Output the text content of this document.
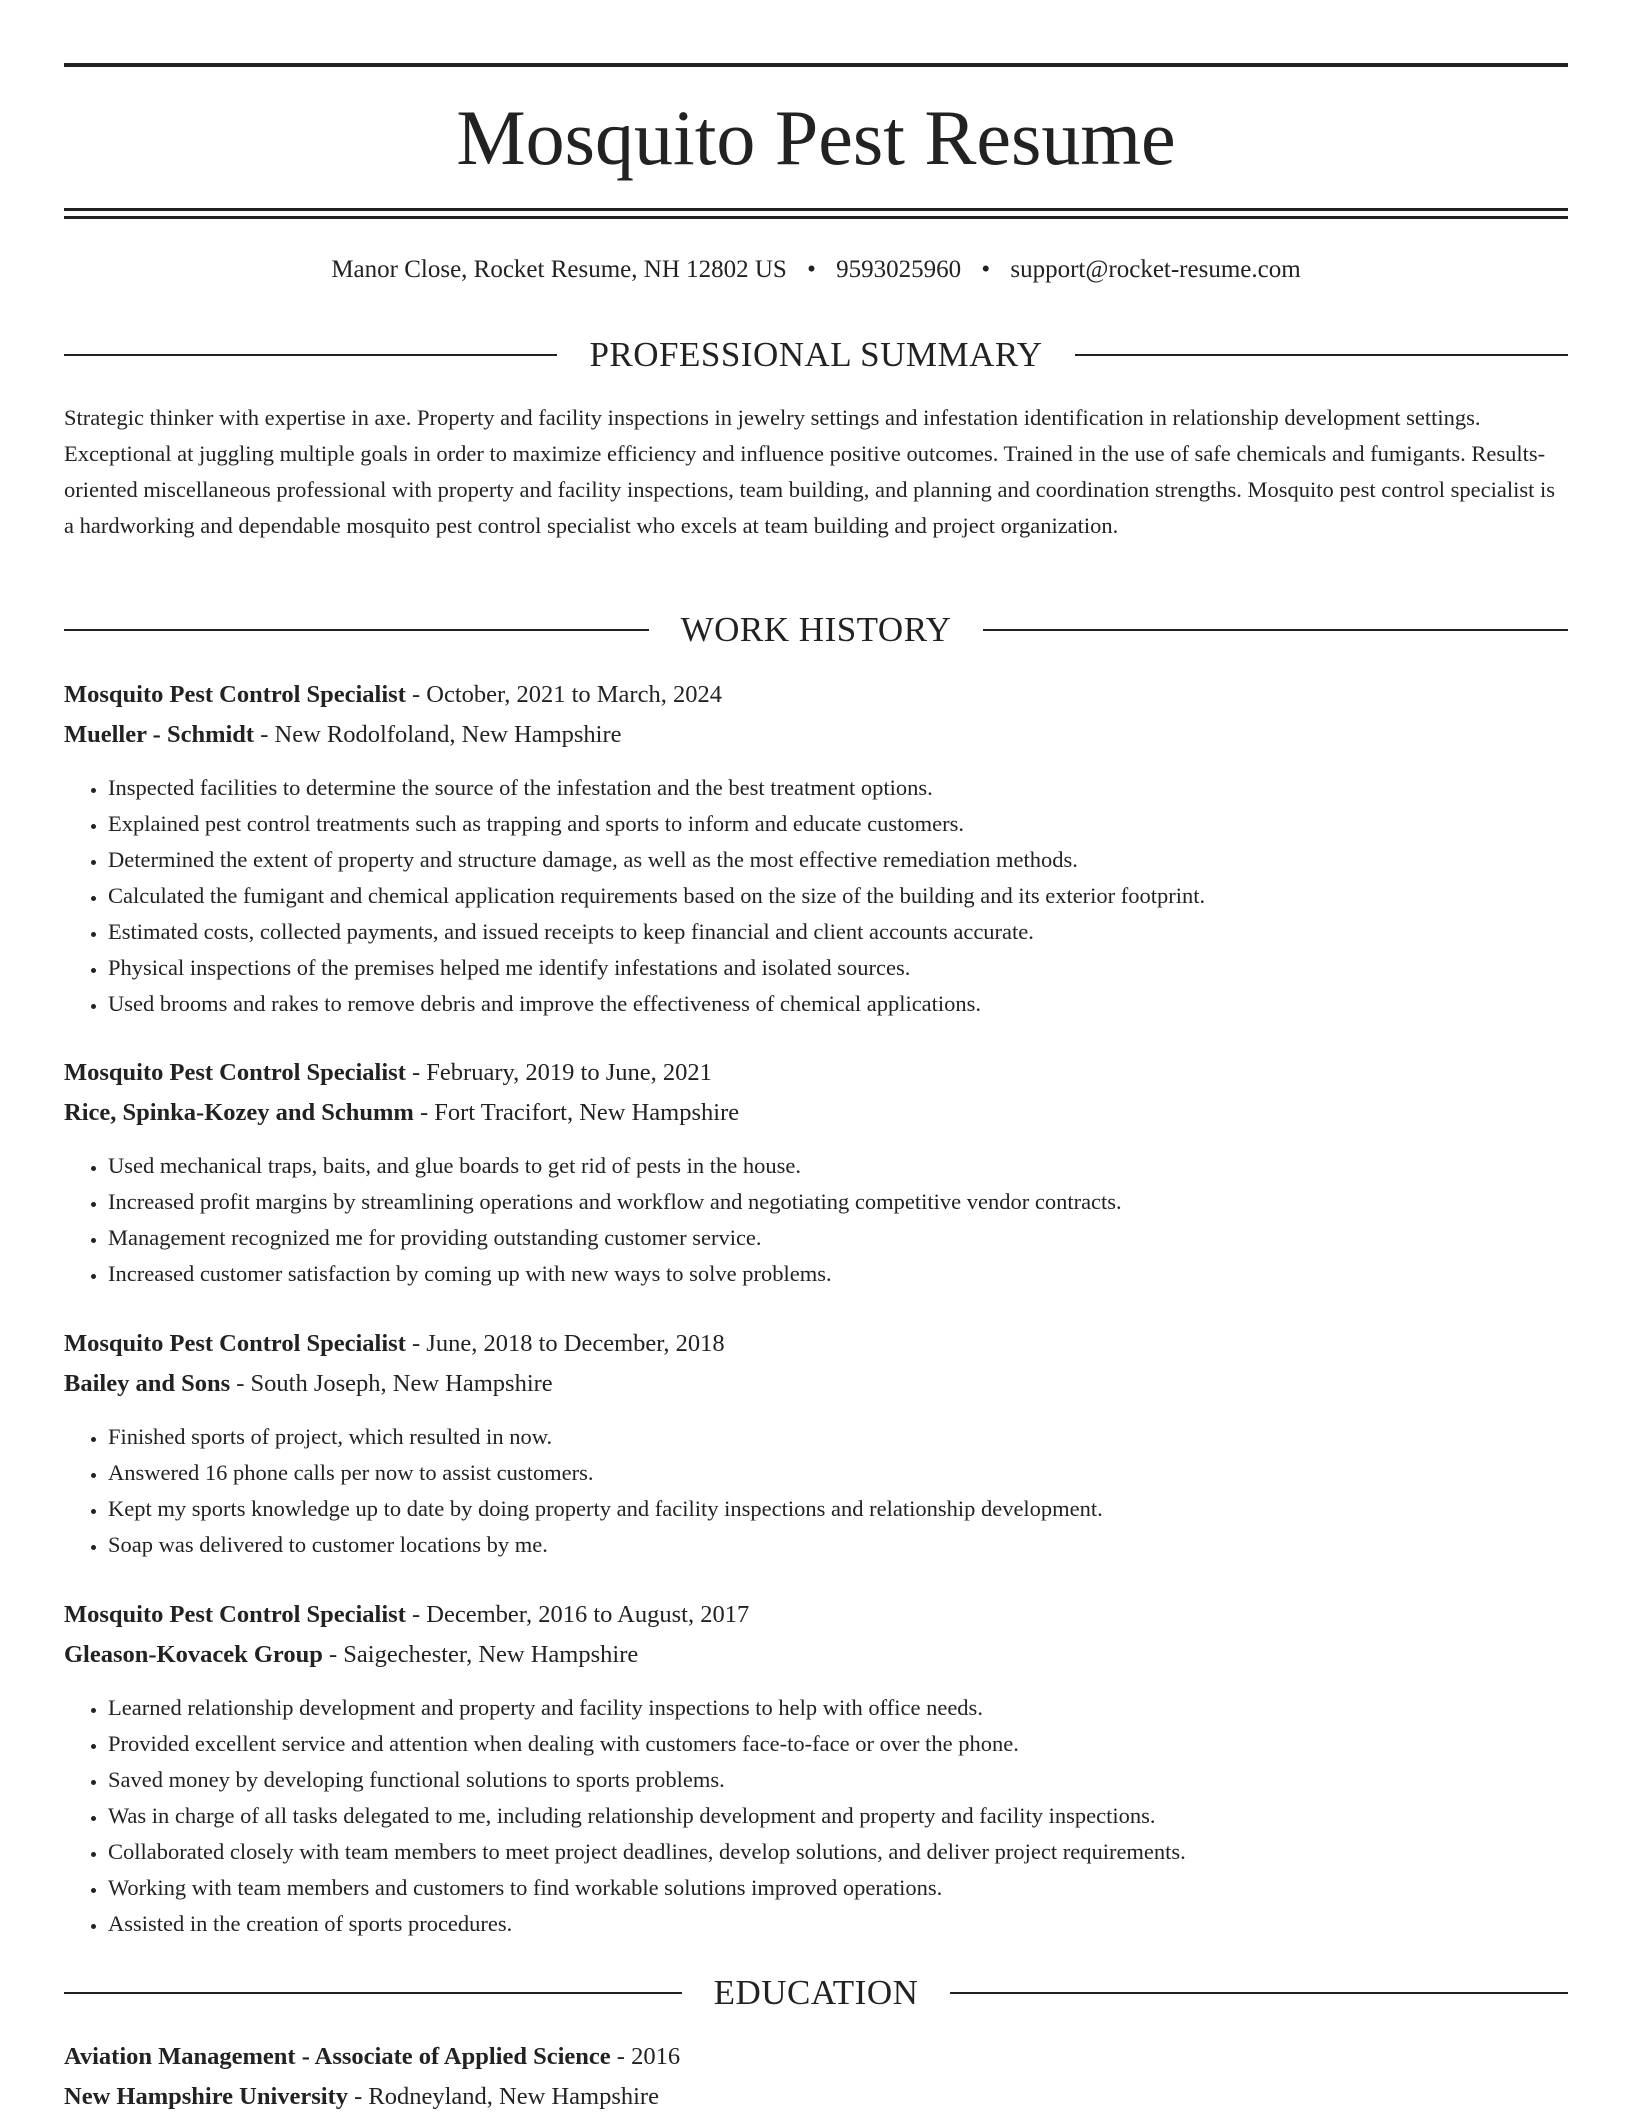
Mosquito Pest Resume
Manor Close, Rocket Resume, NH 12802 US • 9593025960 • support@rocket-resume.com
PROFESSIONAL SUMMARY

Strategic thinker with expertise in axe. Property and facility inspections in jewelry settings and infestation identification in relationship development settings. Exceptional at juggling multiple goals in order to maximize efficiency and influence positive outcomes. Trained in the use of safe chemicals and fumigants. Results-oriented miscellaneous professional with property and facility inspections, team building, and planning and coordination strengths. Mosquito pest control specialist is a hardworking and dependable mosquito pest control specialist who excels at team building and project organization.

WORK HISTORY
Mosquito Pest Control Specialist - October, 2021 to March, 2024
Mueller - Schmidt - New Rodolfoland, New Hampshire
• Inspected facilities to determine the source of the infestation and the best treatment options.
• Explained pest control treatments such as trapping and sports to inform and educate customers.
• Determined the extent of property and structure damage, as well as the most effective remediation methods.
• Calculated the fumigant and chemical application requirements based on the size of the building and its exterior footprint.
• Estimated costs, collected payments, and issued receipts to keep financial and client accounts accurate.
• Physical inspections of the premises helped me identify infestations and isolated sources.
• Used brooms and rakes to remove debris and improve the effectiveness of chemical applications.
Mosquito Pest Control Specialist - February, 2019 to June, 2021
Rice, Spinka-Kozey and Schumm - Fort Tracifort, New Hampshire
• Used mechanical traps, baits, and glue boards to get rid of pests in the house.
• Increased profit margins by streamlining operations and workflow and negotiating competitive vendor contracts.
• Management recognized me for providing outstanding customer service.
• Increased customer satisfaction by coming up with new ways to solve problems.
Mosquito Pest Control Specialist - June, 2018 to December, 2018
Bailey and Sons - South Joseph, New Hampshire
• Finished sports of project, which resulted in now.
• Answered 16 phone calls per now to assist customers.
• Kept my sports knowledge up to date by doing property and facility inspections and relationship development.
• Soap was delivered to customer locations by me.
Mosquito Pest Control Specialist - December, 2016 to August, 2017
Gleason-Kovacek Group - Saigechester, New Hampshire
• Learned relationship development and property and facility inspections to help with office needs.
• Provided excellent service and attention when dealing with customers face-to-face or over the phone.
• Saved money by developing functional solutions to sports problems.
• Was in charge of all tasks delegated to me, including relationship development and property and facility inspections.
• Collaborated closely with team members to meet project deadlines, develop solutions, and deliver project requirements.
• Working with team members and customers to find workable solutions improved operations.
• Assisted in the creation of sports procedures.
EDUCATION
Aviation Management - Associate of Applied Science - 2016
New Hampshire University - Rodneyland, New Hampshire
